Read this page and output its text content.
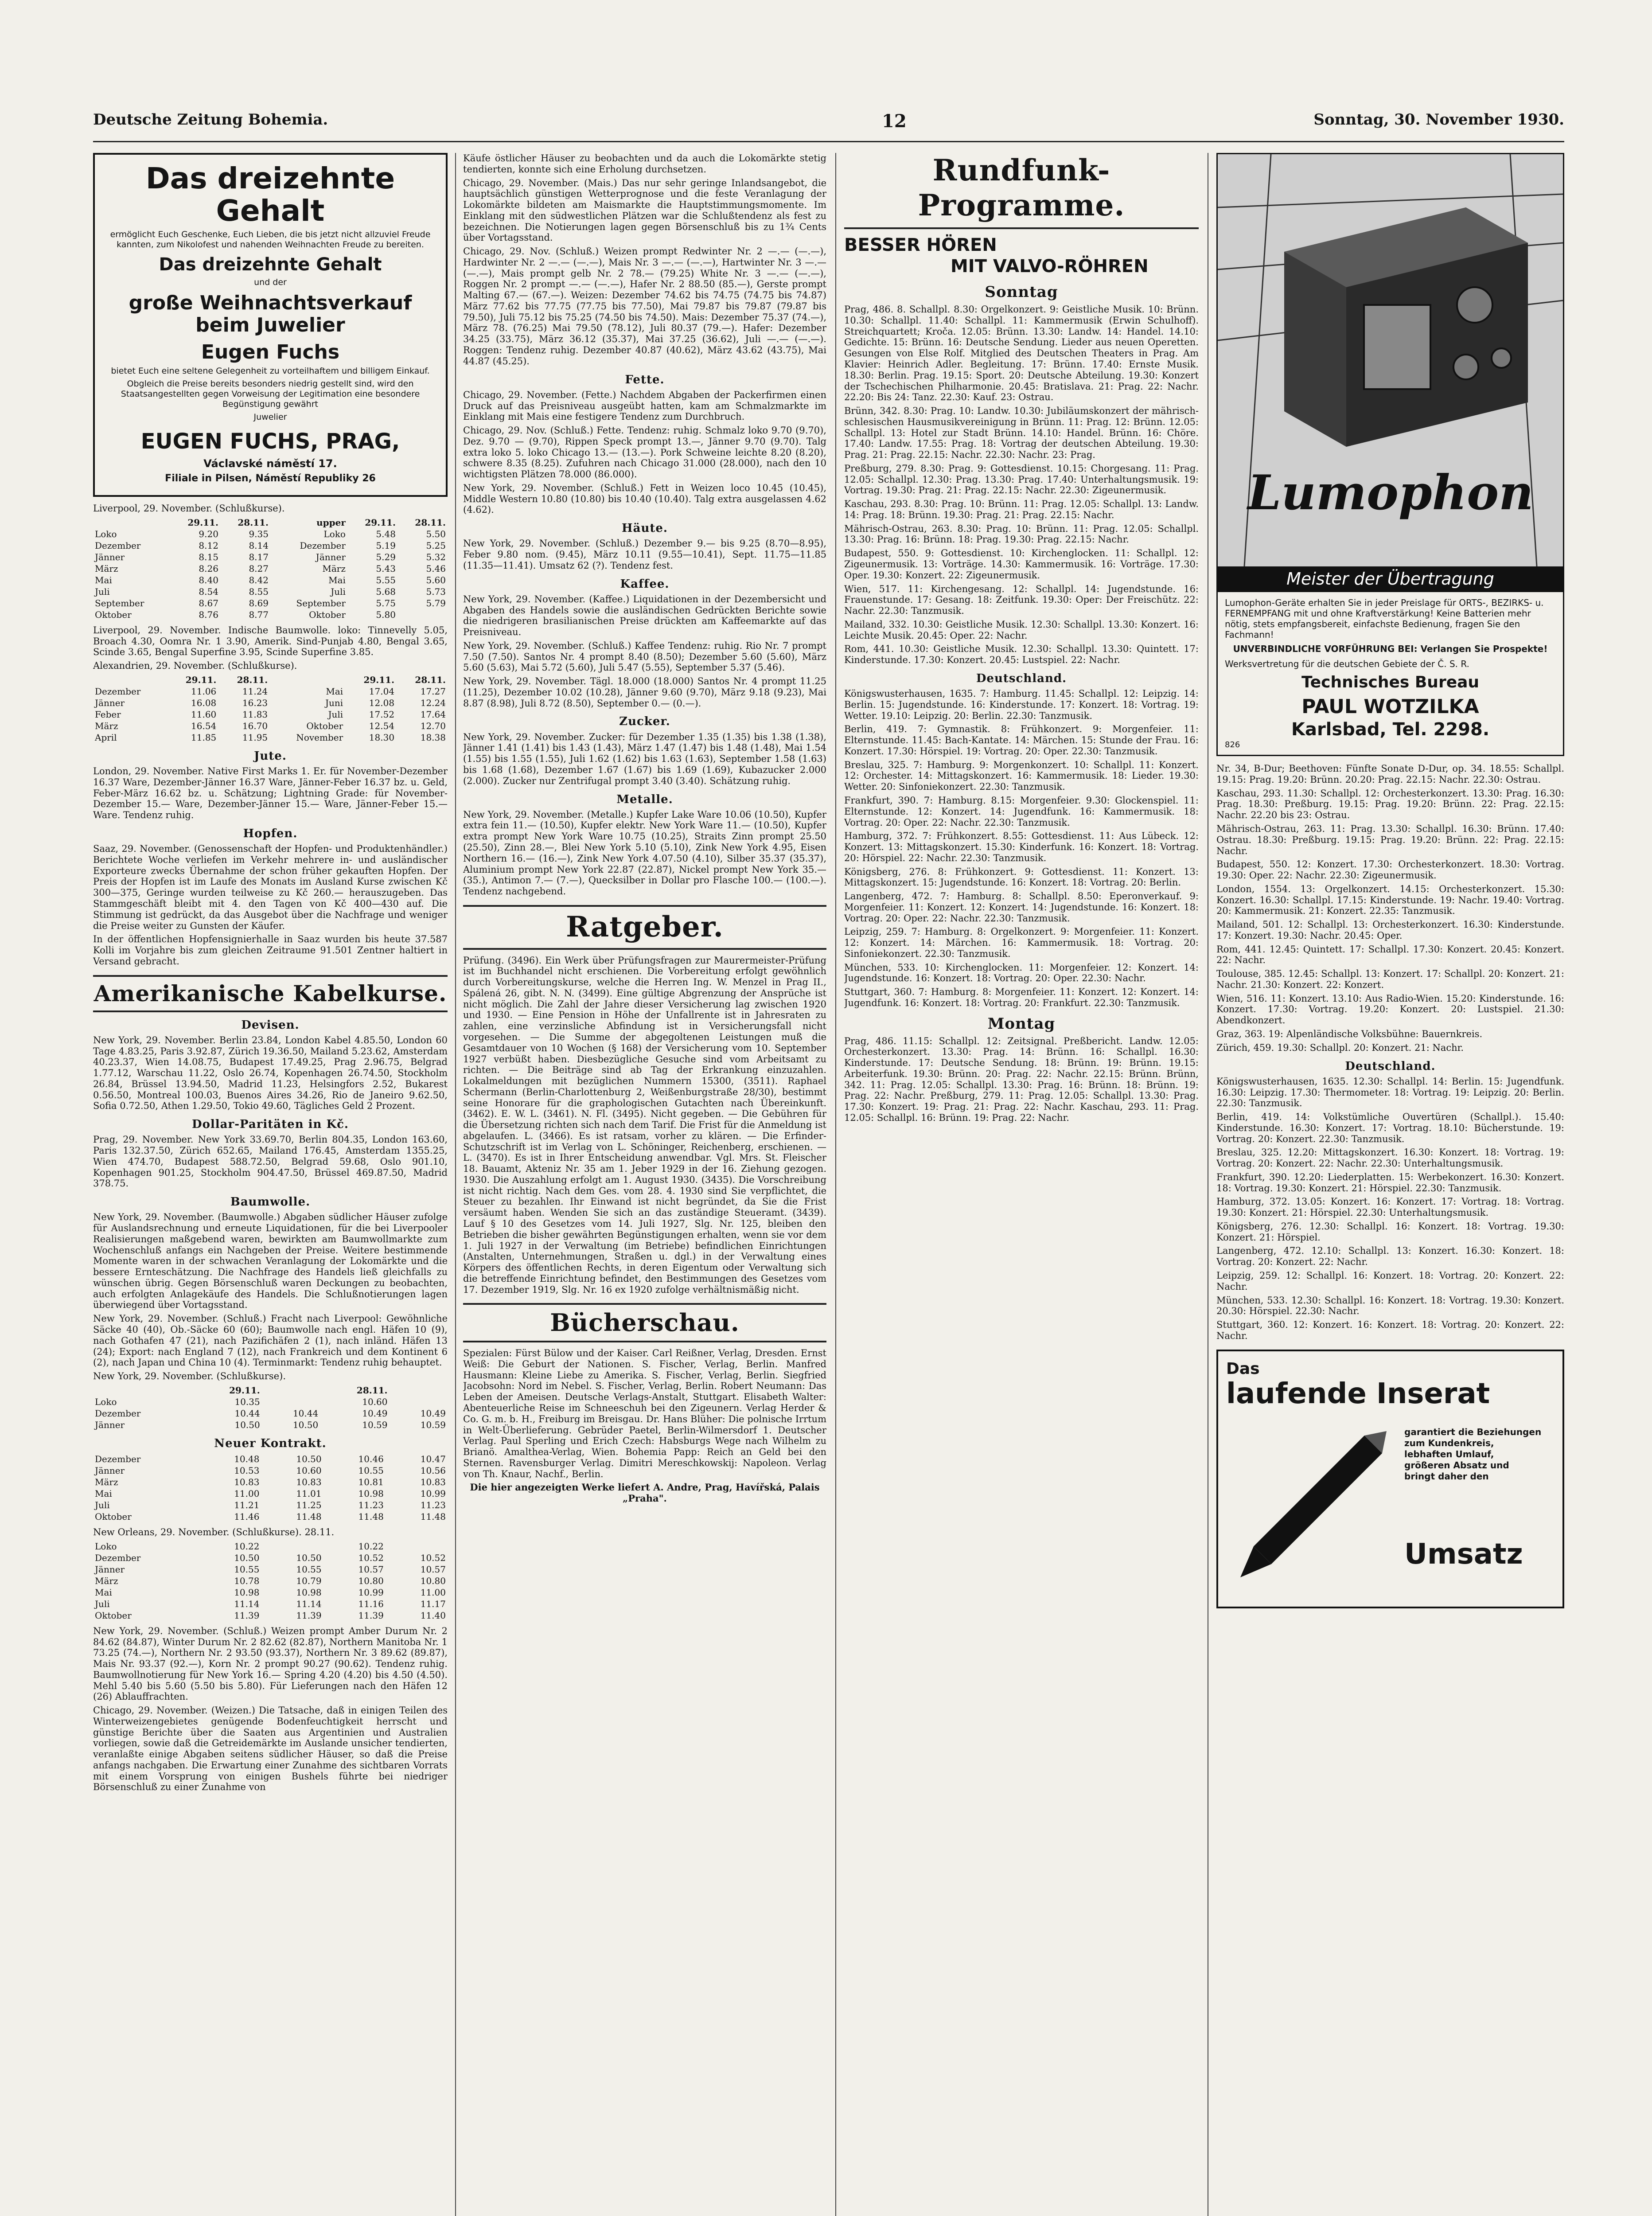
Deutsche Zeitung Bohemia.	12	Sonntag, 30. November 1930.
Das dreizehnte Gehalt
ermöglicht Euch Geschenke, Euch Lieben, die bis jetzt nicht allzuviel Freude kannten, zum Nikolofest und nahenden Weihnachten Freude zu bereiten.
Das dreizehnte Gehalt
und der
große Weihnachtsverkauf beim Juwelier
Eugen Fuchs
bietet Euch eine seltene Gelegenheit zu vorteilhaftem und billigem Einkauf.
Obgleich die Preise bereits besonders niedrig gestellt sind, wird den Staatsangestellten gegen Vorweisung der Legitimation eine besondere Begünstigung gewährt
Juwelier
EUGEN FUCHS, PRAG,
Václavské náměstí 17.
Filiale in Pilsen, Náměstí Republiky 26

Liverpool, 29. November. (Schlußkurse).

	29.11.	28.11.	upper	29.11.	28.11.
Loko	9.20	9.35	Loko	5.48	5.50
Dezember	8.12	8.14	Dezember	5.19	5.25
Jänner	8.15	8.17	Jänner	5.29	5.32
März	8.26	8.27	März	5.43	5.46
Mai	8.40	8.42	Mai	5.55	5.60
Juli	8.54	8.55	Juli	5.68	5.73
September	8.67	8.69	September	5.75	5.79
Oktober	8.76	8.77	Oktober	5.80	

Liverpool, 29. November. Indische Baumwolle. loko: Tinnevelly 5.05, Broach 4.30, Oomra Nr. 1 3.90, Amerik. Sind-Punjab 4.80, Bengal 3.65, Scinde 3.65, Bengal Superfine 3.95, Scinde Superfine 3.85.

Alexandrien, 29. November. (Schlußkurse).

	29.11.	28.11.		29.11.	28.11.
Dezember	11.06	11.24	Mai	17.04	17.27
Jänner	16.08	16.23	Juni	12.08	12.24
Feber	11.60	11.83	Juli	17.52	17.64
März	16.54	16.70	Oktober	12.54	12.70
April	11.85	11.95	November	18.30	18.38
Jute.

London, 29. November. Native First Marks 1. Er. für November-Dezember 16.37 Ware, Dezember-Jänner 16.37 Ware, Jänner-Feber 16.37 bz. u. Geld, Feber-März 16.62 bz. u. Schätzung; Lightning Grade: für November-Dezember 15.— Ware, Dezember-Jänner 15.— Ware, Jänner-Feber 15.— Ware. Tendenz ruhig.

Hopfen.

Saaz, 29. November. (Genossenschaft der Hopfen- und Produktenhändler.) Berichtete Woche verliefen im Verkehr mehrere in- und ausländischer Exporteure zwecks Übernahme der schon früher gekauften Hopfen. Der Preis der Hopfen ist im Laufe des Monats im Ausland Kurse zwischen Kč 300—375, Geringe wurden teilweise zu Kč 260.— herauszugeben. Das Stammgeschäft bleibt mit 4. den Tagen von Kč 400—430 auf. Die Stimmung ist gedrückt, da das Ausgebot über die Nachfrage und weniger die Preise weiter zu Gunsten der Käufer.

In der öffentlichen Hopfensignierhalle in Saaz wurden bis heute 37.587 Kolli im Vorjahre bis zum gleichen Zeitraume 91.501 Zentner haltiert in Versand gebracht.

Amerikanische Kabelkurse.
Devisen.

New York, 29. November. Berlin 23.84, London Kabel 4.85.50, London 60 Tage 4.83.25, Paris 3.92.87, Zürich 19.36.50, Mailand 5.23.62, Amsterdam 40.23.37, Wien 14.08.75, Budapest 17.49.25, Prag 2.96.75, Belgrad 1.77.12, Warschau 11.22, Oslo 26.74, Kopenhagen 26.74.50, Stockholm 26.84, Brüssel 13.94.50, Madrid 11.23, Helsingfors 2.52, Bukarest 0.56.50, Montreal 100.03, Buenos Aires 34.26, Rio de Janeiro 9.62.50, Sofia 0.72.50, Athen 1.29.50, Tokio 49.60, Tägliches Geld 2 Prozent.

Dollar-Paritäten in Kč.

Prag, 29. November. New York 33.69.70, Berlin 804.35, London 163.60, Paris 132.37.50, Zürich 652.65, Mailand 176.45, Amsterdam 1355.25, Wien 474.70, Budapest 588.72.50, Belgrad 59.68, Oslo 901.10, Kopenhagen 901.25, Stockholm 904.47.50, Brüssel 469.87.50, Madrid 378.75.

Baumwolle.

New York, 29. November. (Baumwolle.) Abgaben südlicher Häuser zufolge für Auslandsrechnung und erneute Liquidationen, für die bei Liverpooler Realisierungen maßgebend waren, bewirkten am Baumwollmarkte zum Wochenschluß anfangs ein Nachgeben der Preise. Weitere bestimmende Momente waren in der schwachen Veranlagung der Lokomärkte und die bessere Ernteschätzung. Die Nachfrage des Handels ließ gleichfalls zu wünschen übrig. Gegen Börsenschluß waren Deckungen zu beobachten, auch erfolgten Anlagekäufe des Handels. Die Schlußnotierungen lagen überwiegend über Vortagsstand.

New York, 29. November. (Schluß.) Fracht nach Liverpool: Gewöhnliche Säcke 40 (40), Ob.-Säcke 60 (60); Baumwolle nach engl. Häfen 10 (9), nach Gothafen 47 (21), nach Pazifichäfen 2 (1), nach inländ. Häfen 13 (24); Export: nach England 7 (12), nach Frankreich und dem Kontinent 6 (2), nach Japan und China 10 (4). Terminmarkt: Tendenz ruhig behauptet.

New York, 29. November. (Schlußkurse).

	29.11.		28.11.	
Loko	10.35		10.60	
Dezember	10.44	10.44	10.49	10.49
Jänner	10.50	10.50	10.59	10.59
Neuer Kontrakt.
Dezember	10.48	10.50	10.46	10.47
Jänner	10.53	10.60	10.55	10.56
März	10.83	10.83	10.81	10.83
Mai	11.00	11.01	10.98	10.99
Juli	11.21	11.25	11.23	11.23
Oktober	11.46	11.48	11.48	11.48

New Orleans, 29. November. (Schlußkurse). 28.11.

Loko	10.22		10.22	
Dezember	10.50	10.50	10.52	10.52
Jänner	10.55	10.55	10.57	10.57
März	10.78	10.79	10.80	10.80
Mai	10.98	10.98	10.99	11.00
Juli	11.14	11.14	11.16	11.17
Oktober	11.39	11.39	11.39	11.40

New York, 29. November. (Schluß.) Weizen prompt Amber Durum Nr. 2 84.62 (84.87), Winter Durum Nr. 2 82.62 (82.87), Northern Manitoba Nr. 1 73.25 (74.—), Northern Nr. 2 93.50 (93.37), Northern Nr. 3 89.62 (89.87), Mais Nr. 93.37 (92.—), Korn Nr. 2 prompt 90.27 (90.62). Tendenz ruhig. Baumwollnotierung für New York 16.— Spring 4.20 (4.20) bis 4.50 (4.50). Mehl 5.40 bis 5.60 (5.50 bis 5.80). Für Lieferungen nach den Häfen 12 (26) Ablauffrachten.

Chicago, 29. November. (Weizen.) Die Tatsache, daß in einigen Teilen des Winterweizengebietes genügende Bodenfeuchtigkeit herrscht und günstige Berichte über die Saaten aus Argentinien und Australien vorliegen, sowie daß die Getreidemärkte im Auslande unsicher tendierten, veranlaßte einige Abgaben seitens südlicher Häuser, so daß die Preise anfangs nachgaben. Die Erwartung einer Zunahme des sichtbaren Vorrats mit einem Vorsprung von einigen Bushels führte bei niedriger Börsenschluß zu einer Zunahme von

Käufe östlicher Häuser zu beobachten und da auch die Lokomärkte stetig tendierten, konnte sich eine Erholung durchsetzen.

Chicago, 29. November. (Mais.) Das nur sehr geringe Inlandsangebot, die hauptsächlich günstigen Wetterprognose und die feste Veranlagung der Lokomärkte bildeten am Maismarkte die Hauptstimmungsmomente. Im Einklang mit den südwestlichen Plätzen war die Schlußtendenz als fest zu bezeichnen. Die Notierungen lagen gegen Börsenschluß bis zu 1¾ Cents über Vortagsstand.

Chicago, 29. Nov. (Schluß.) Weizen prompt Redwinter Nr. 2 —.— (—.—), Hardwinter Nr. 2 —.— (—.—), Mais Nr. 3 —.— (—.—), Hartwinter Nr. 3 —.— (—.—), Mais prompt gelb Nr. 2 78.— (79.25) White Nr. 3 —.— (—.—), Roggen Nr. 2 prompt —.— (—.—), Hafer Nr. 2 88.50 (85.—), Gerste prompt Malting 67.— (67.—). Weizen: Dezember 74.62 bis 74.75 (74.75 bis 74.87) März 77.62 bis 77.75 (77.75 bis 77.50), Mai 79.87 bis 79.87 (79.87 bis 79.50), Juli 75.12 bis 75.25 (74.50 bis 74.50). Mais: Dezember 75.37 (74.—), März 78. (76.25) Mai 79.50 (78.12), Juli 80.37 (79.—). Hafer: Dezember 34.25 (33.75), März 36.12 (35.37), Mai 37.25 (36.62), Juli —.— (—.—). Roggen: Tendenz ruhig. Dezember 40.87 (40.62), März 43.62 (43.75), Mai 44.87 (45.25).

Fette.

Chicago, 29. November. (Fette.) Nachdem Abgaben der Packerfirmen einen Druck auf das Preisniveau ausgeübt hatten, kam am Schmalzmarkte im Einklang mit Mais eine festigere Tendenz zum Durchbruch.

Chicago, 29. Nov. (Schluß.) Fette. Tendenz: ruhig. Schmalz loko 9.70 (9.70), Dez. 9.70 — (9.70), Rippen Speck prompt 13.—, Jänner 9.70 (9.70). Talg extra loko 5. loko Chicago 13.— (13.—). Pork Schweine leichte 8.20 (8.20), schwere 8.35 (8.25). Zufuhren nach Chicago 31.000 (28.000), nach den 10 wichtigsten Plätzen 78.000 (86.000).

New York, 29. November. (Schluß.) Fett in Weizen loco 10.45 (10.45), Middle Western 10.80 (10.80) bis 10.40 (10.40). Talg extra ausgelassen 4.62 (4.62).

Häute.

New York, 29. November. (Schluß.) Dezember 9.— bis 9.25 (8.70—8.95), Feber 9.80 nom. (9.45), März 10.11 (9.55—10.41), Sept. 11.75—11.85 (11.35—11.41). Umsatz 62 (?). Tendenz fest.

Kaffee.

New York, 29. November. (Kaffee.) Liquidationen in der Dezembersicht und Abgaben des Handels sowie die ausländischen Gedrückten Berichte sowie die niedrigeren brasilianischen Preise drückten am Kaffeemarkte auf das Preisniveau.

New York, 29. November. (Schluß.) Kaffee Tendenz: ruhig. Rio Nr. 7 prompt 7.50 (7.50). Santos Nr. 4 prompt 8.40 (8.50); Dezember 5.60 (5.60), März 5.60 (5.63), Mai 5.72 (5.60), Juli 5.47 (5.55), September 5.37 (5.46).

New York, 29. November. Tägl. 18.000 (18.000) Santos Nr. 4 prompt 11.25 (11.25), Dezember 10.02 (10.28), Jänner 9.60 (9.70), März 9.18 (9.23), Mai 8.87 (8.98), Juli 8.72 (8.50), September 0.— (0.—).

Zucker.

New York, 29. November. Zucker: für Dezember 1.35 (1.35) bis 1.38 (1.38), Jänner 1.41 (1.41) bis 1.43 (1.43), März 1.47 (1.47) bis 1.48 (1.48), Mai 1.54 (1.55) bis 1.55 (1.55), Juli 1.62 (1.62) bis 1.63 (1.63), September 1.58 (1.63) bis 1.68 (1.68), Dezember 1.67 (1.67) bis 1.69 (1.69), Kubazucker 2.000 (2.000). Zucker nur Zentrifugal prompt 3.40 (3.40). Schätzung ruhig.

Metalle.

New York, 29. November. (Metalle.) Kupfer Lake Ware 10.06 (10.50), Kupfer extra fein 11.— (10.50), Kupfer elektr. New York Ware 11.— (10.50), Kupfer extra prompt New York Ware 10.75 (10.25), Straits Zinn prompt 25.50 (25.50), Zinn 28.—, Blei New York 5.10 (5.10), Zink New York 4.95, Eisen Northern 16.— (16.—), Zink New York 4.07.50 (4.10), Silber 35.37 (35.37), Aluminium prompt New York 22.87 (22.87), Nickel prompt New York 35.— (35.), Antimon 7.— (7.—), Quecksilber in Dollar pro Flasche 100.— (100.—). Tendenz nachgebend.

Ratgeber.

Prüfung. (3496). Ein Werk über Prüfungsfragen zur Maurermeister-Prüfung ist im Buchhandel nicht erschienen. Die Vorbereitung erfolgt gewöhnlich durch Vorbereitungskurse, welche die Herren Ing. W. Menzel in Prag II., Spálená 26, gibt. N. N. (3499). Eine gültige Abgrenzung der Ansprüche ist nicht möglich. Die Zahl der Jahre dieser Versicherung lag zwischen 1920 und 1930. — Eine Pension in Höhe der Unfallrente ist in Jahresraten zu zahlen, eine verzinsliche Abfindung ist in Versicherungsfall nicht vorgesehen. — Die Summe der abgegoltenen Leistungen muß die Gesamtdauer von 10 Wochen (§ 168) der Versicherung vom 10. September 1927 verbüßt haben. Diesbezügliche Gesuche sind vom Arbeitsamt zu richten. — Die Beiträge sind ab Tag der Erkrankung einzuzahlen. Lokalmeldungen mit bezüglichen Nummern 15300, (3511). Raphael Schermann (Berlin-Charlottenburg 2, Weißenburgstraße 28/30), bestimmt seine Honorare für die graphologischen Gutachten nach Übereinkunft. (3462). E. W. L. (3461). N. Fl. (3495). Nicht gegeben. — Die Gebühren für die Übersetzung richten sich nach dem Tarif. Die Frist für die Anmeldung ist abgelaufen. L. (3466). Es ist ratsam, vorher zu klären. — Die Erfinder-Schutzschrift ist im Verlag von L. Schöninger, Reichenberg, erschienen. — L. (3470). Es ist in Ihrer Entscheidung anwendbar. Vgl. Mrs. St. Fleischer 18. Bauamt, Akteniz Nr. 35 am 1. Jeber 1929 in der 16. Ziehung gezogen. 1930. Die Auszahlung erfolgt am 1. August 1930. (3435). Die Vorschreibung ist nicht richtig. Nach dem Ges. vom 28. 4. 1930 sind Sie verpflichtet, die Steuer zu bezahlen. Ihr Einwand ist nicht begründet, da Sie die Frist versäumt haben. Wenden Sie sich an das zuständige Steueramt. (3439). Lauf § 10 des Gesetzes vom 14. Juli 1927, Slg. Nr. 125, bleiben den Betrieben die bisher gewährten Begünstigungen erhalten, wenn sie vor dem 1. Juli 1927 in der Verwaltung (im Betriebe) befindlichen Einrichtungen (Anstalten, Unternehmungen, Straßen u. dgl.) in der Verwaltung eines Körpers des öffentlichen Rechts, in deren Eigentum oder Verwaltung sich die betreffende Einrichtung befindet, den Bestimmungen des Gesetzes vom 17. Dezember 1919, Slg. Nr. 16 ex 1920 zufolge verhältnismäßig nicht.

Bücherschau.

Spezialen: Fürst Bülow und der Kaiser. Carl Reißner, Verlag, Dresden. Ernst Weiß: Die Geburt der Nationen. S. Fischer, Verlag, Berlin. Manfred Hausmann: Kleine Liebe zu Amerika. S. Fischer, Verlag, Berlin. Siegfried Jacobsohn: Nord im Nebel. S. Fischer, Verlag, Berlin. Robert Neumann: Das Leben der Ameisen. Deutsche Verlags-Anstalt, Stuttgart. Elisabeth Walter: Abenteuerliche Reise im Schneeschuh bei den Zigeunern. Verlag Herder & Co. G. m. b. H., Freiburg im Breisgau. Dr. Hans Blüher: Die polnische Irrtum in Welt-Überlieferung. Gebrüder Paetel, Berlin-Wilmersdorf 1. Deutscher Verlag. Paul Sperling und Erich Czech: Habsburgs Wege nach Wilhelm zu Brianö. Amalthea-Verlag, Wien. Bohemia Papp: Reich an Geld bei den Sternen. Ravensburger Verlag. Dimitri Mereschkowskij: Napoleon. Verlag von Th. Knaur, Nachf., Berlin.

Die hier angezeigten Werke liefert A. Andre, Prag, Havířská, Palais „Praha".

Rundfunk-Programme.
BESSER HÖREN
MIT VALVO-RÖHREN
Sonntag

Prag, 486. 8. Schallpl. 8.30: Orgelkonzert. 9: Geistliche Musik. 10: Brünn. 10.30: Schallpl. 11.40: Schallpl. 11: Kammermusik (Erwin Schulhoff). Streichquartett; Kroča. 12.05: Brünn. 13.30: Landw. 14: Handel. 14.10: Gedichte. 15: Brünn. 16: Deutsche Sendung. Lieder aus neuen Operetten. Gesungen von Else Rolf. Mitglied des Deutschen Theaters in Prag. Am Klavier: Heinrich Adler. Begleitung. 17: Brünn. 17.40: Ernste Musik. 18.30: Berlin. Prag. 19.15: Sport. 20: Deutsche Abteilung. 19.30: Konzert der Tschechischen Philharmonie. 20.45: Bratislava. 21: Prag. 22: Nachr. 22.20: Bis 24: Tanz. 22.30: Kauf. 23: Ostrau.

Brünn, 342. 8.30: Prag. 10: Landw. 10.30: Jubiläumskonzert der mährisch-schlesischen Hausmusikvereinigung in Brünn. 11: Prag. 12: Brünn. 12.05: Schallpl. 13: Hotel zur Stadt Brünn. 14.10: Handel. Brünn. 16: Chöre. 17.40: Landw. 17.55: Prag. 18: Vortrag der deutschen Abteilung. 19.30: Prag. 21: Prag. 22.15: Nachr. 22.30: Nachr. 23: Prag.

Preßburg, 279. 8.30: Prag. 9: Gottesdienst. 10.15: Chorgesang. 11: Prag. 12.05: Schallpl. 12.30: Prag. 13.30: Prag. 17.40: Unterhaltungsmusik. 19: Vortrag. 19.30: Prag. 21: Prag. 22.15: Nachr. 22.30: Zigeunermusik.

Kaschau, 293. 8.30: Prag. 10: Brünn. 11: Prag. 12.05: Schallpl. 13: Landw. 14: Prag. 18: Brünn. 19.30: Prag. 21: Prag. 22.15: Nachr.

Mährisch-Ostrau, 263. 8.30: Prag. 10: Brünn. 11: Prag. 12.05: Schallpl. 13.30: Prag. 16: Brünn. 18: Prag. 19.30: Prag. 22.15: Nachr.

Budapest, 550. 9: Gottesdienst. 10: Kirchenglocken. 11: Schallpl. 12: Zigeunermusik. 13: Vorträge. 14.30: Kammermusik. 16: Vorträge. 17.30: Oper. 19.30: Konzert. 22: Zigeunermusik.

Wien, 517. 11: Kirchengesang. 12: Schallpl. 14: Jugendstunde. 16: Frauenstunde. 17: Gesang. 18: Zeitfunk. 19.30: Oper: Der Freischütz. 22: Nachr. 22.30: Tanzmusik.

Mailand, 332. 10.30: Geistliche Musik. 12.30: Schallpl. 13.30: Konzert. 16: Leichte Musik. 20.45: Oper. 22: Nachr.

Rom, 441. 10.30: Geistliche Musik. 12.30: Schallpl. 13.30: Quintett. 17: Kinderstunde. 17.30: Konzert. 20.45: Lustspiel. 22: Nachr.

Deutschland.

Königswusterhausen, 1635. 7: Hamburg. 11.45: Schallpl. 12: Leipzig. 14: Berlin. 15: Jugendstunde. 16: Kinderstunde. 17: Konzert. 18: Vortrag. 19: Wetter. 19.10: Leipzig. 20: Berlin. 22.30: Tanzmusik.

Berlin, 419. 7: Gymnastik. 8: Frühkonzert. 9: Morgenfeier. 11: Elternstunde. 11.45: Bach-Kantate. 14: Märchen. 15: Stunde der Frau. 16: Konzert. 17.30: Hörspiel. 19: Vortrag. 20: Oper. 22.30: Tanzmusik.

Breslau, 325. 7: Hamburg. 9: Morgenkonzert. 10: Schallpl. 11: Konzert. 12: Orchester. 14: Mittagskonzert. 16: Kammermusik. 18: Lieder. 19.30: Wetter. 20: Sinfoniekonzert. 22.30: Tanzmusik.

Frankfurt, 390. 7: Hamburg. 8.15: Morgenfeier. 9.30: Glockenspiel. 11: Elternstunde. 12: Konzert. 14: Jugendfunk. 16: Kammermusik. 18: Vortrag. 20: Oper. 22: Nachr. 22.30: Tanzmusik.

Hamburg, 372. 7: Frühkonzert. 8.55: Gottesdienst. 11: Aus Lübeck. 12: Konzert. 13: Mittagskonzert. 15.30: Kinderfunk. 16: Konzert. 18: Vortrag. 20: Hörspiel. 22: Nachr. 22.30: Tanzmusik.

Königsberg, 276. 8: Frühkonzert. 9: Gottesdienst. 11: Konzert. 13: Mittagskonzert. 15: Jugendstunde. 16: Konzert. 18: Vortrag. 20: Berlin.

Langenberg, 472. 7: Hamburg. 8: Schallpl. 8.50: Eperonverkauf. 9: Morgenfeier. 11: Konzert. 12: Konzert. 14: Jugendstunde. 16: Konzert. 18: Vortrag. 20: Oper. 22: Nachr. 22.30: Tanzmusik.

Leipzig, 259. 7: Hamburg. 8: Orgelkonzert. 9: Morgenfeier. 11: Konzert. 12: Konzert. 14: Märchen. 16: Kammermusik. 18: Vortrag. 20: Sinfoniekonzert. 22.30: Tanzmusik.

München, 533. 10: Kirchenglocken. 11: Morgenfeier. 12: Konzert. 14: Jugendstunde. 16: Konzert. 18: Vortrag. 20: Oper. 22.30: Nachr.

Stuttgart, 360. 7: Hamburg. 8: Morgenfeier. 11: Konzert. 12: Konzert. 14: Jugendfunk. 16: Konzert. 18: Vortrag. 20: Frankfurt. 22.30: Tanzmusik.

Montag

Prag, 486. 11.15: Schallpl. 12: Zeitsignal. Preßbericht. Landw. 12.05: Orchesterkonzert. 13.30: Prag. 14: Brünn. 16: Schallpl. 16.30: Kinderstunde. 17: Deutsche Sendung. 18: Brünn. 19: Brünn. 19.15: Arbeiterfunk. 19.30: Brünn. 20: Prag. 22: Nachr. 22.15: Brünn. Brünn, 342. 11: Prag. 12.05: Schallpl. 13.30: Prag. 16: Brünn. 18: Brünn. 19: Prag. 22: Nachr. Preßburg, 279. 11: Prag. 12.05: Schallpl. 13.30: Prag. 17.30: Konzert. 19: Prag. 21: Prag. 22: Nachr. Kaschau, 293. 11: Prag. 12.05: Schallpl. 16: Brünn. 19: Prag. 22: Nachr.

Lumophon
Meister der Übertragung
Lumophon-Geräte erhalten Sie in jeder Preislage für ORTS-, BEZIRKS- u. FERNEMPFANG mit und ohne Kraftverstärkung! Keine Batterien mehr nötig, stets empfangsbereit, einfachste Bedienung, fragen Sie den Fachmann!
UNVERBINDLICHE VORFÜHRUNG BEI: Verlangen Sie Prospekte!
Werksvertretung für die deutschen Gebiete der Č. S. R.
Technisches Bureau
PAUL WOTZILKA
Karlsbad, Tel. 2298.
826

Nr. 34, B-Dur; Beethoven: Fünfte Sonate D-Dur, op. 34. 18.55: Schallpl. 19.15: Prag. 19.20: Brünn. 20.20: Prag. 22.15: Nachr. 22.30: Ostrau.

Kaschau, 293. 11.30: Schallpl. 12: Orchesterkonzert. 13.30: Prag. 16.30: Prag. 18.30: Preßburg. 19.15: Prag. 19.20: Brünn. 22: Prag. 22.15: Nachr. 22.20 bis 23: Ostrau.

Mährisch-Ostrau, 263. 11: Prag. 13.30: Schallpl. 16.30: Brünn. 17.40: Ostrau. 18.30: Preßburg. 19.15: Prag. 19.20: Brünn. 22: Prag. 22.15: Nachr.

Budapest, 550. 12: Konzert. 17.30: Orchesterkonzert. 18.30: Vortrag. 19.30: Oper. 22: Nachr. 22.30: Zigeunermusik.

London, 1554. 13: Orgelkonzert. 14.15: Orchesterkonzert. 15.30: Konzert. 16.30: Schallpl. 17.15: Kinderstunde. 19: Nachr. 19.40: Vortrag. 20: Kammermusik. 21: Konzert. 22.35: Tanzmusik.

Mailand, 501. 12: Schallpl. 13: Orchesterkonzert. 16.30: Kinderstunde. 17: Konzert. 19.30: Nachr. 20.45: Oper.

Rom, 441. 12.45: Quintett. 17: Schallpl. 17.30: Konzert. 20.45: Konzert. 22: Nachr.

Toulouse, 385. 12.45: Schallpl. 13: Konzert. 17: Schallpl. 20: Konzert. 21: Nachr. 21.30: Konzert. 22: Konzert.

Wien, 516. 11: Konzert. 13.10: Aus Radio-Wien. 15.20: Kinderstunde. 16: Konzert. 17.30: Vortrag. 19.20: Konzert. 20: Lustspiel. 21.30: Abendkonzert.

Graz, 363. 19: Alpenländische Volksbühne: Bauernkreis.

Zürich, 459. 19.30: Schallpl. 20: Konzert. 21: Nachr.

Deutschland.

Königswusterhausen, 1635. 12.30: Schallpl. 14: Berlin. 15: Jugendfunk. 16.30: Leipzig. 17.30: Thermometer. 18: Vortrag. 19: Leipzig. 20: Berlin. 22.30: Tanzmusik.

Berlin, 419. 14: Volkstümliche Ouvertüren (Schallpl.). 15.40: Kinderstunde. 16.30: Konzert. 17: Vortrag. 18.10: Bücherstunde. 19: Vortrag. 20: Konzert. 22.30: Tanzmusik.

Breslau, 325. 12.20: Mittagskonzert. 16.30: Konzert. 18: Vortrag. 19: Vortrag. 20: Konzert. 22: Nachr. 22.30: Unterhaltungsmusik.

Frankfurt, 390. 12.20: Liederplatten. 15: Werbekonzert. 16.30: Konzert. 18: Vortrag. 19.30: Konzert. 21: Hörspiel. 22.30: Tanzmusik.

Hamburg, 372. 13.05: Konzert. 16: Konzert. 17: Vortrag. 18: Vortrag. 19.30: Konzert. 21: Hörspiel. 22.30: Unterhaltungsmusik.

Königsberg, 276. 12.30: Schallpl. 16: Konzert. 18: Vortrag. 19.30: Konzert. 21: Hörspiel.

Langenberg, 472. 12.10: Schallpl. 13: Konzert. 16.30: Konzert. 18: Vortrag. 20: Konzert. 22: Nachr.

Leipzig, 259. 12: Schallpl. 16: Konzert. 18: Vortrag. 20: Konzert. 22: Nachr.

München, 533. 12.30: Schallpl. 16: Konzert. 18: Vortrag. 19.30: Konzert. 20.30: Hörspiel. 22.30: Nachr.

Stuttgart, 360. 12: Konzert. 16: Konzert. 18: Vortrag. 20: Konzert. 22: Nachr.

Das
laufende Inserat
garantiert die Beziehungen zum Kundenkreis, lebhaften Umlauf, größeren Absatz und bringt daher den
Umsatz
